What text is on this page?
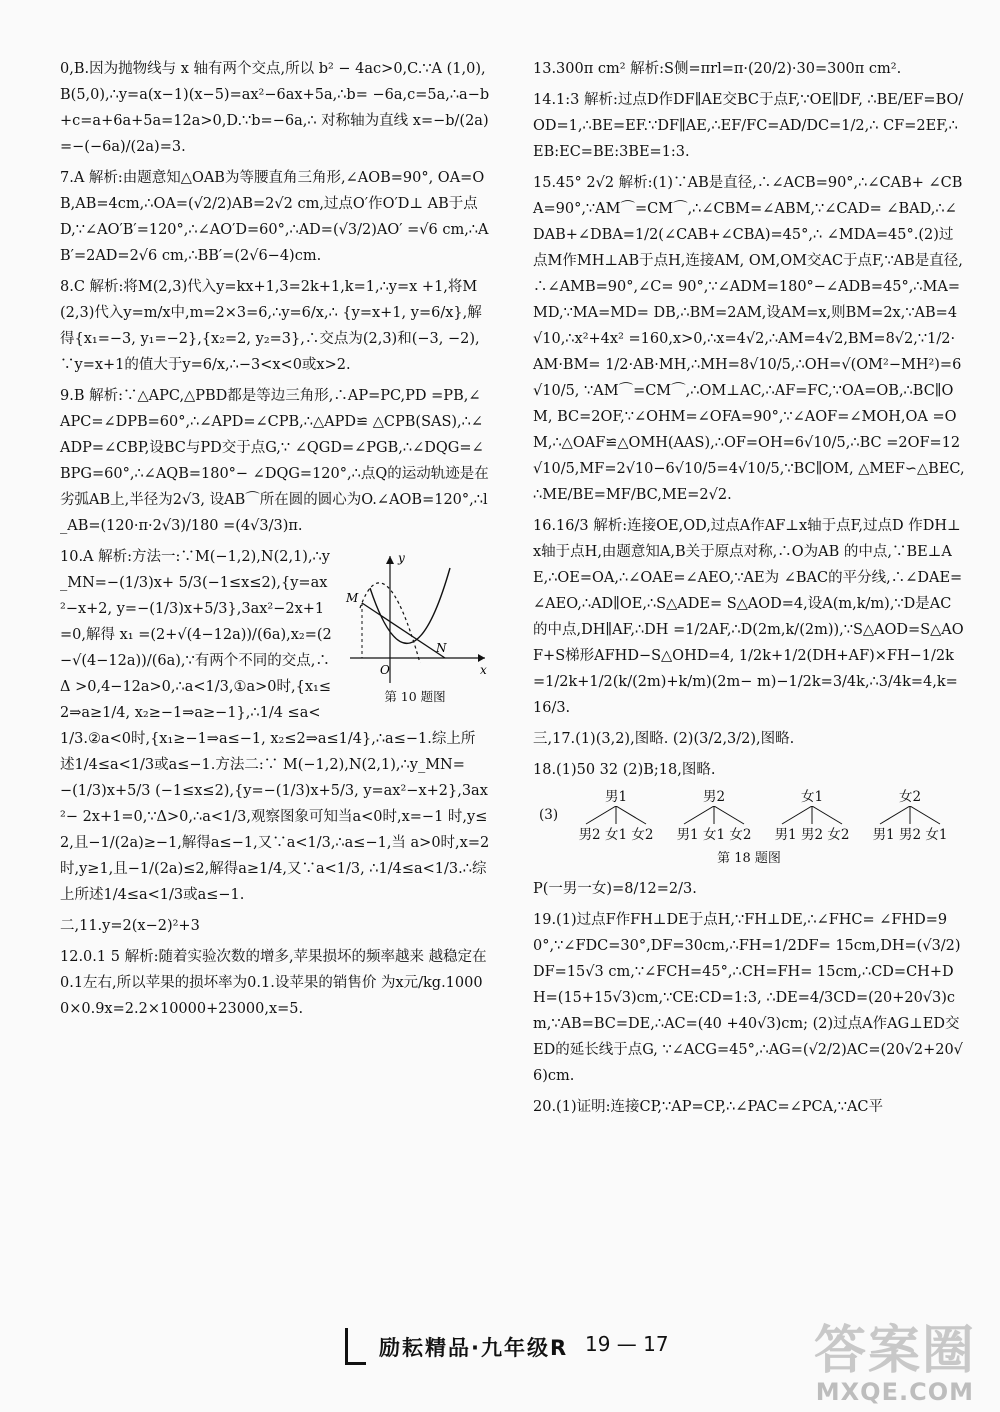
0,B.因为抛物线与 x 轴有两个交点,所以 b² − 4ac>0,C.∵A (1,0),B(5,0),∴y=a(x−1)(x−5)=ax²−6ax+5a,∴b= −6a,c=5a,∴a−b+c=a+6a+5a=12a>0,D.∵b=−6a,∴ 对称轴为直线 x=−b/(2a)=−(−6a)/(2a)=3.
7.A 解析:由题意知△OAB为等腰直角三角形,∠AOB=90°, OA=OB,AB=4cm,∴OA=(√2/2)AB=2√2 cm,过点O′作O′D⊥ AB于点D,∵∠AO′B′=120°,∴∠AO′D=60°,∴AD=(√3/2)AO′ =√6 cm,∴AB′=2AD=2√6 cm,∴BB′=(2√6−4)cm.
8.C 解析:将M(2,3)代入y=kx+1,3=2k+1,k=1,∴y=x +1,将M(2,3)代入y=m/x中,m=2×3=6,∴y=6/x,∴ {y=x+1, y=6/x},解得{x₁=−3, y₁=−2},{x₂=2, y₂=3},∴交点为(2,3)和(−3, −2),∵y=x+1的值大于y=6/x,∴−3<x<0或x>2.
9.B 解析:∵△APC,△PBD都是等边三角形,∴AP=PC,PD =PB,∠APC=∠DPB=60°,∴∠APD=∠CPB,∴△APD≌ △CPB(SAS),∴∠ADP=∠CBP,设BC与PD交于点G,∵ ∠QGD=∠PGB,∴∠DQG=∠BPG=60°,∴∠AQB=180°− ∠DQG=120°,∴点Q的运动轨迹是在劣弧AB上,半径为2√3, 设AB⌒所在圆的圆心为O.∠AOB=120°,∴l_AB=(120·π·2√3)/180 =(4√3/3)π.
y
x
O
M
N
第 10 题图
10.A 解析:方法一:∵M(−1,2),N(2,1),∴y_MN=−(1/3)x+ 5/3(−1≤x≤2),{y=ax²−x+2, y=−(1/3)x+5/3},3ax²−2x+1=0,解得 x₁ =(2+√(4−12a))/(6a),x₂=(2−√(4−12a))/(6a),∵有两个不同的交点,∴Δ >0,4−12a>0,∴a<1/3,①a>0时,{x₁≤2⇒a≥1/4, x₂≥−1⇒a≥−1},∴1/4 ≤a<1/3.②a<0时,{x₁≥−1⇒a≤−1, x₂≤2⇒a≤1/4},∴a≤−1.综上所 述1/4≤a<1/3或a≤−1.方法二:∵ M(−1,2),N(2,1),∴y_MN=−(1/3)x+5/3 (−1≤x≤2),{y=−(1/3)x+5/3, y=ax²−x+2},3ax²− 2x+1=0,∵Δ>0,∴a<1/3,观察图象可知当a<0时,x=−1 时,y≤2,且−1/(2a)≥−1,解得a≤−1,又∵a<1/3,∴a≤−1,当 a>0时,x=2时,y≥1,且−1/(2a)≤2,解得a≥1/4,又∵a<1/3, ∴1/4≤a<1/3.∴综上所述1/4≤a<1/3或a≤−1.
二,11.y=2(x−2)²+3
12.0.1 5 解析:随着实验次数的增多,苹果损坏的频率越来 越稳定在0.1左右,所以苹果的损坏率为0.1.设苹果的销售价 为x元/kg.10000×0.9x=2.2×10000+23000,x=5.
13.300π cm² 解析:S侧=πrl=π·(20/2)·30=300π cm².
14.1:3 解析:过点D作DF∥AE交BC于点F,∵OE∥DF, ∴BE/EF=BO/OD=1,∴BE=EF.∵DF∥AE,∴EF/FC=AD/DC=1/2,∴ CF=2EF,∴EB:EC=BE:3BE=1:3.
15.45° 2√2 解析:(1)∵AB是直径,∴∠ACB=90°,∴∠CAB+ ∠CBA=90°,∵AM⌒=CM⌒,∴∠CBM=∠ABM,∵∠CAD= ∠BAD,∴∠DAB+∠DBA=1/2(∠CAB+∠CBA)=45°,∴ ∠MDA=45°.(2)过点M作MH⊥AB于点H,连接AM, OM,OM交AC于点F,∵AB是直径,∴∠AMB=90°,∠C= 90°,∵∠ADM=180°−∠ADB=45°,∴MA=MD,∵MA=MD= DB,∴BM=2AM,设AM=x,则BM=2x,∵AB=4√10,∴x²+4x² =160,x>0,∴x=4√2,∴AM=4√2,BM=8√2,∵1/2·AM·BM= 1/2·AB·MH,∴MH=8√10/5,∴OH=√(OM²−MH²)=6√10/5, ∵AM⌒=CM⌒,∴OM⊥AC,∴AF=FC,∵OA=OB,∴BC∥OM, BC=2OF,∵∠OHM=∠OFA=90°,∵∠AOF=∠MOH,OA =OM,∴△OAF≌△OMH(AAS),∴OF=OH=6√10/5,∴BC =2OF=12√10/5,MF=2√10−6√10/5=4√10/5,∵BC∥OM, △MEF∽△BEC,∴ME/BE=MF/BC,ME=2√2.
16.16/3 解析:连接OE,OD,过点A作AF⊥x轴于点F,过点D 作DH⊥x轴于点H,由题意知A,B关于原点对称,∴O为AB 的中点,∵BE⊥AE,∴OE=OA,∴∠OAE=∠AEO,∵AE为 ∠BAC的平分线,∴∠DAE=∠AEO,∴AD∥OE,∴S△ADE= S△AOD=4,设A(m,k/m),∵D是AC的中点,DH∥AF,∴DH =1/2AF,∴D(2m,k/(2m)),∵S△AOD=S△AOF+S梯形AFHD−S△OHD=4, 1/2k+1/2(DH+AF)×FH−1/2k=1/2k+1/2(k/(2m)+k/m)(2m− m)−1/2k=3/4k,∴3/4k=4,k=16/3.
三,17.(1)(3,2),图略. (2)(3/2,3/2),图略.
18.(1)50 32 (2)B;18,图略.
(3)
男1
男2 女1 女2
男2
男1 女1 女2
女1
男1 男2 女2
女2
男1 男2 女1
第 18 题图
P(一男一女)=8/12=2/3.
19.(1)过点F作FH⊥DE于点H,∵FH⊥DE,∴∠FHC= ∠FHD=90°,∵∠FDC=30°,DF=30cm,∴FH=1/2DF= 15cm,DH=(√3/2)DF=15√3 cm,∵∠FCH=45°,∴CH=FH= 15cm,∴CD=CH+DH=(15+15√3)cm,∵CE:CD=1:3, ∴DE=4/3CD=(20+20√3)cm,∵AB=BC=DE,∴AC=(40 +40√3)cm; (2)过点A作AG⊥ED交ED的延长线于点G, ∵∠ACG=45°,∴AG=(√2/2)AC=(20√2+20√6)cm.
20.(1)证明:连接CP,∵AP=CP,∴∠PAC=∠PCA,∵AC平
励耘精品·九年级R 19 — 17	答案圈
MXQE.COM
